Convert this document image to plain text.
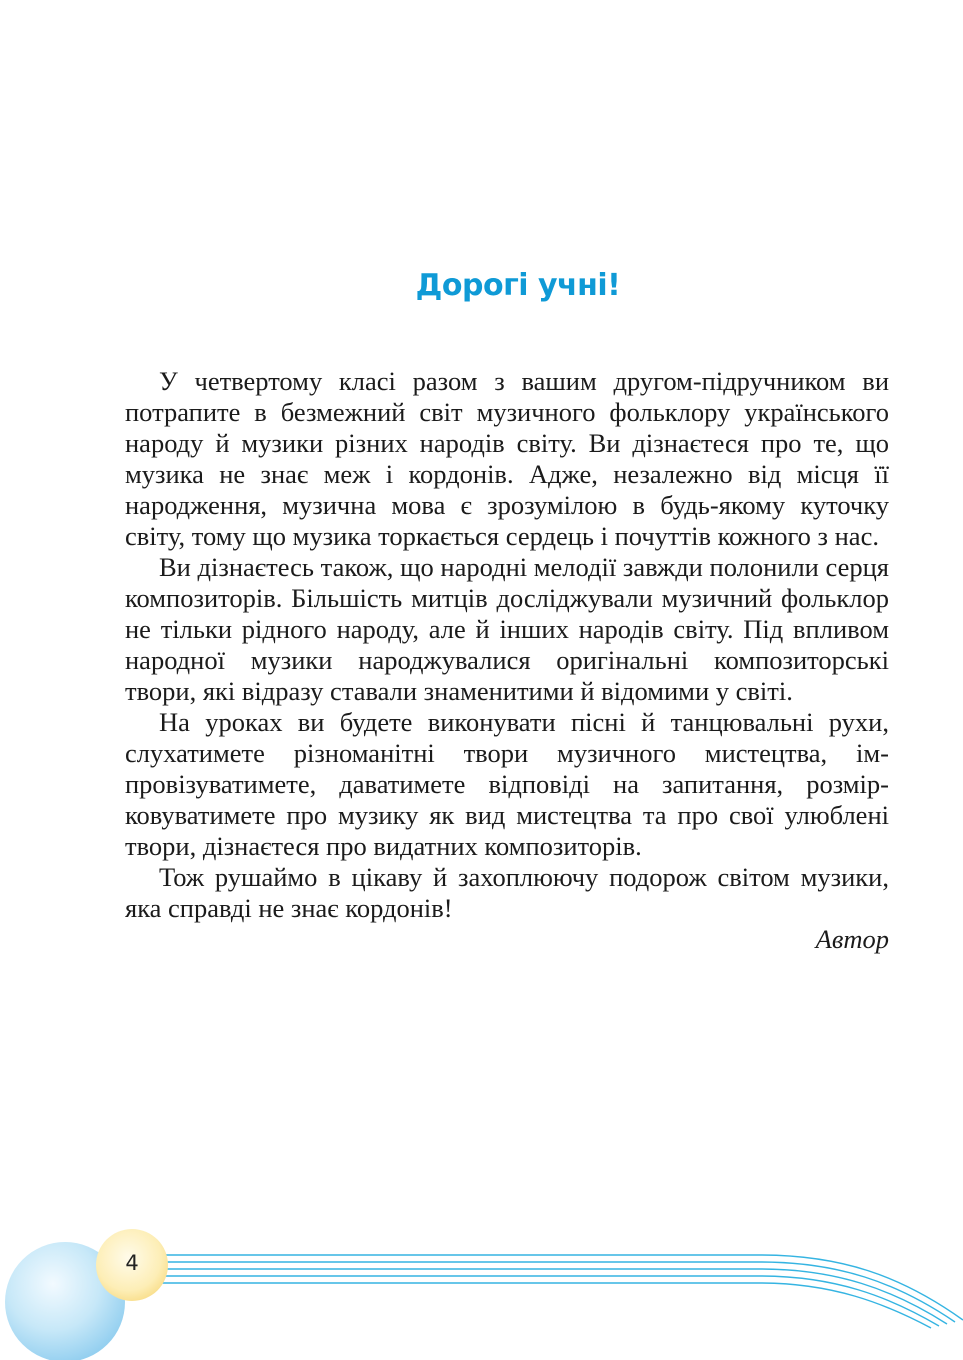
Дорогі учні!

У четвертому класі разом з вашим другом-підручником ви потрапите в безмежний світ музичного фольклору українського народу й музики різних народів світу. Ви дізнаєтеся про те, що музика не знає меж і кордонів. Адже, незалежно від місця її народження, музична мова є зрозумілою в будь-якому куточку світу, тому що музика торкається сердець і почуттів кожного з нас.

Ви дізнаєтесь також, що народні мелодії завжди полонили серця композиторів. Більшість митців досліджували музичний фольклор не тільки рідного народу, але й інших народів світу. Під впливом народної музики народжувалися оригінальні композиторські твори, які відразу ставали знаменитими й відомими у світі.

На уроках ви будете виконувати пісні й танцювальні рухи, слухатимете різноманітні твори музичного мистецтва, імпровізуватимете, даватимете відповіді на запитання, розмірковуватимете про музику як вид мистецтва та про свої улюблені твори, дізнаєтеся про видатних композиторів.

Тож рушаймо в цікаву й захоплюючу подорож світом музики, яка справді не знає кордонів!

Автор

4
